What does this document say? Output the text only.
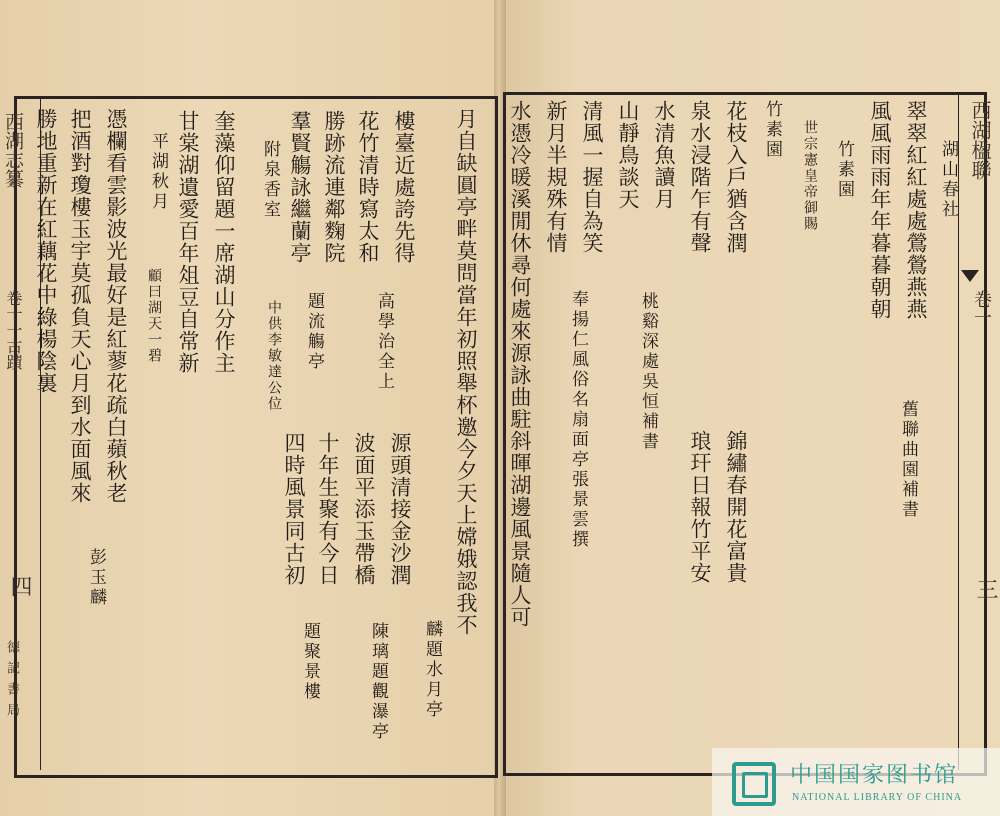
西湖志纂
卷十一古蹟
四
德記書局
月自缺圓亭畔莫問當年初照舉杯邀今夕天上嫦娥認我不
麟題水月亭
源頭清接金沙潤
陳璃題觀瀑亭
波面平添玉帶橋
十年生聚有今日
題聚景樓
四時風景同古初
樓臺近處誇先得
高學治全上
花竹清時寫太和
勝跡流連鄰麴院
題流觴亭
羣賢觴詠繼蘭亭
附泉香室
中供李敏達公位
奎藻仰留題一席湖山分作主
甘棠湖遺愛百年俎豆自常新
平湖秋月
顧曰湖天一碧
憑欄看雲影波光最好是紅蓼花疏白蘋秋老
把酒對瓊樓玉宇莫孤負天心月到水面風來
彭玉麟
勝地重新在紅藕花中綠楊陰裏	西湖楹聯
卷一
三
水憑冷暖溪閒休尋何處來源詠曲駐斜暉湖邊風景隨人可 新月半規殊有情
奉揚仁風俗名扇面亭張景雲撰
清風一握自為笑 山靜鳥談天
桃谿深處吳恒補書
水清魚讀月 泉水浸階乍有聲 花枝入戶猶含潤 竹素園
琅玕日報竹平安 錦繡春開花富貴
世宗憲皇帝御賜 竹素園
舊聯曲園補書
風風雨雨年年暮暮朝朝 翠翠紅紅處處鶯鶯燕燕 湖山春社
中国国家图书馆
NATIONAL LIBRARY OF CHINA
